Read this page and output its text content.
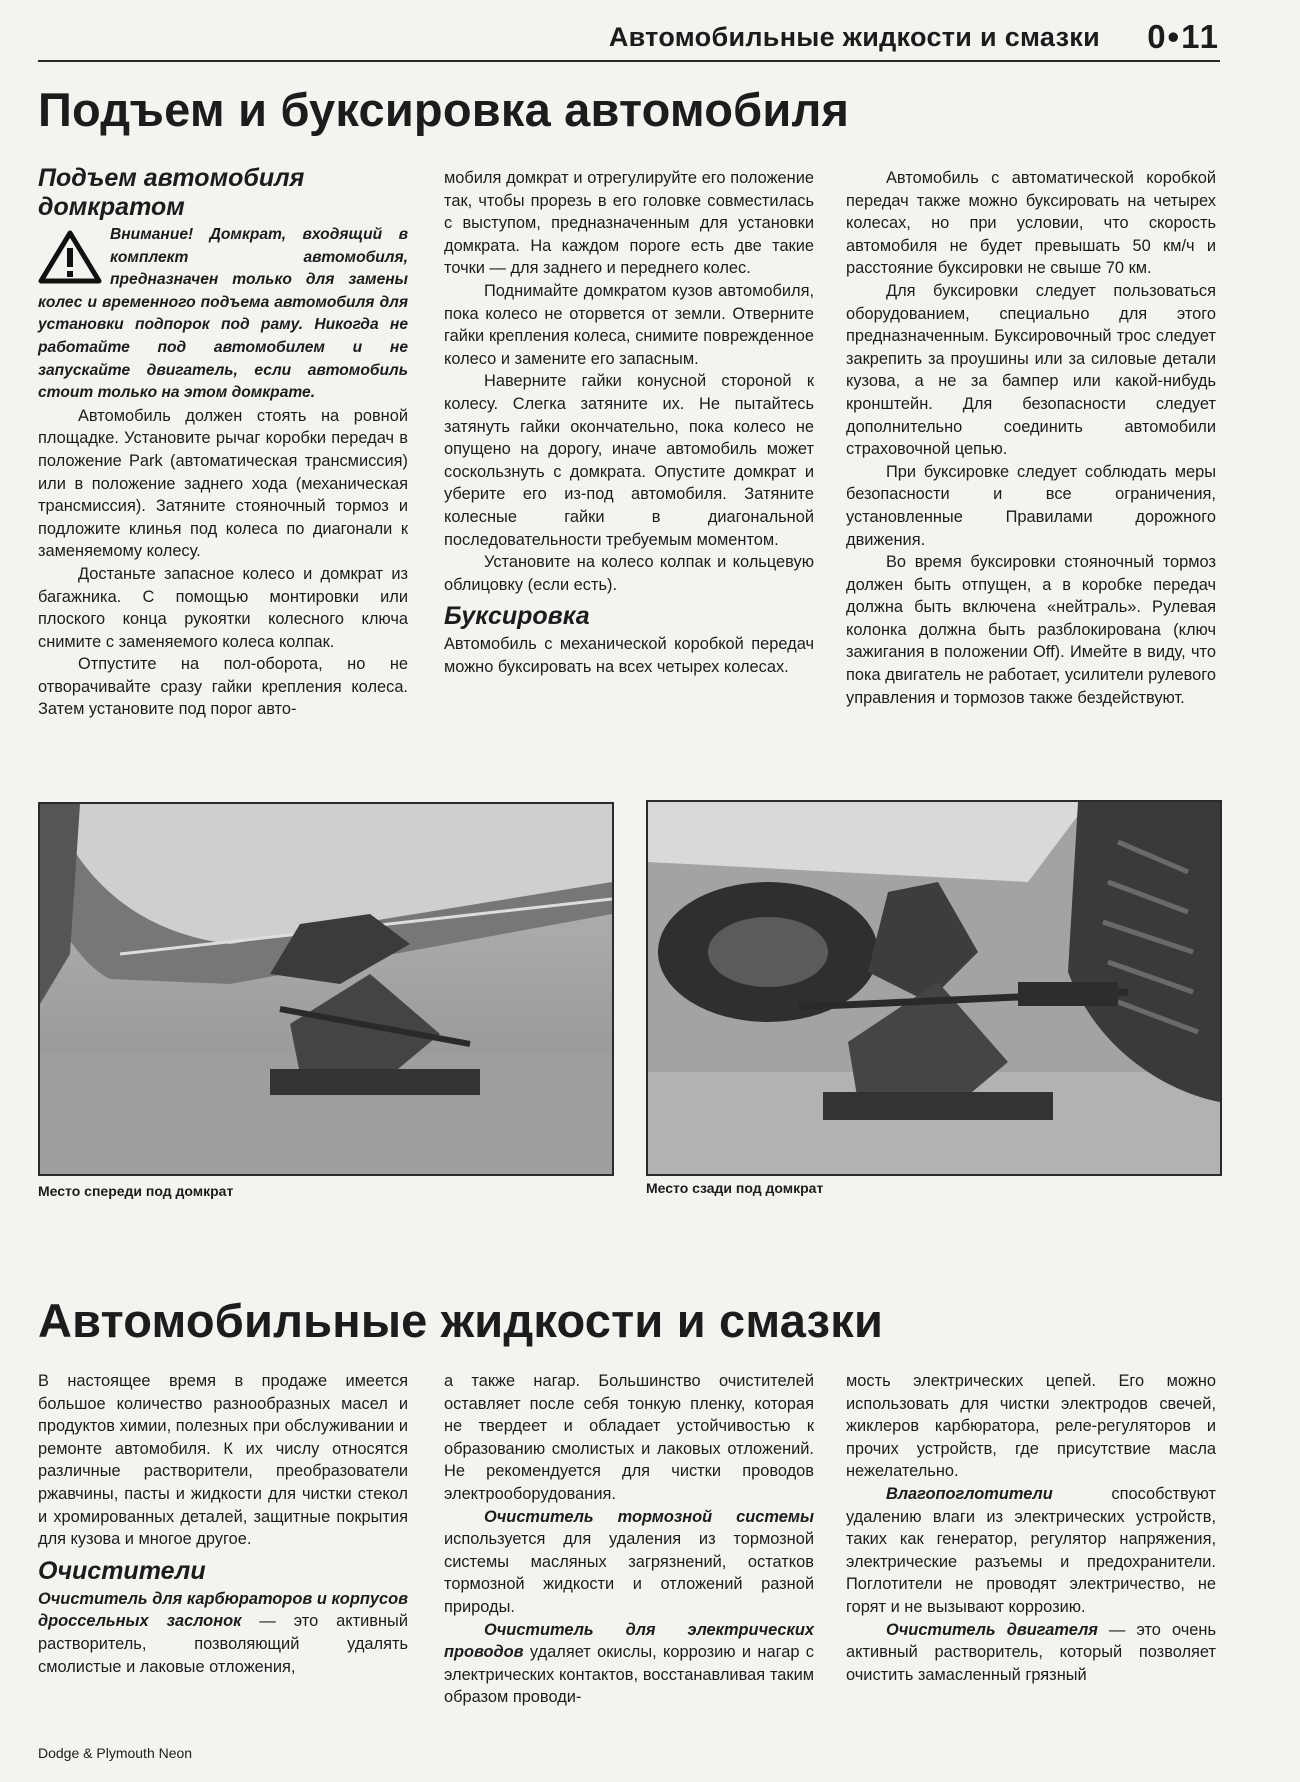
Автомобильные жидкости и смазки 0•11
Подъем и буксировка автомобиля
Подъем автомобиля домкратом
Внимание! Домкрат, входящий в комплект автомобиля, предназначен только для замены колес и временного подъема автомобиля для установки подпорок под раму. Никогда не работайте под автомобилем и не запускайте двигатель, если автомобиль стоит только на этом домкрате.

Автомобиль должен стоять на ровной площадке. Установите рычаг коробки передач в положение Park (автоматическая трансмиссия) или в положение заднего хода (механическая трансмиссия). Затяните стояночный тормоз и подложите клинья под колеса по диагонали к заменяемому колесу.

Достаньте запасное колесо и домкрат из багажника. С помощью монтировки или плоского конца рукоятки колесного ключа снимите с заменяемого колеса колпак.

Отпустите на пол-оборота, но не отворачивайте сразу гайки крепления колеса. Затем установите под порог авто-

мобиля домкрат и отрегулируйте его положение так, чтобы прорезь в его головке совместилась с выступом, предназначенным для установки домкрата. На каждом пороге есть две такие точки — для заднего и переднего колес.

Поднимайте домкратом кузов автомобиля, пока колесо не оторвется от земли. Отверните гайки крепления колеса, снимите поврежденное колесо и замените его запасным.

Наверните гайки конусной стороной к колесу. Слегка затяните их. Не пытайтесь затянуть гайки окончательно, пока колесо не опущено на дорогу, иначе автомобиль может соскользнуть с домкрата. Опустите домкрат и уберите его из-под автомобиля. Затяните колесные гайки в диагональной последовательности требуемым моментом.

Установите на колесо колпак и кольцевую облицовку (если есть).

Буксировка

Автомобиль с механической коробкой передач можно буксировать на всех четырех колесах.

Автомобиль с автоматической коробкой передач также можно буксировать на четырех колесах, но при условии, что скорость автомобиля не будет превышать 50 км/ч и расстояние буксировки не свыше 70 км.

Для буксировки следует пользоваться оборудованием, специально для этого предназначенным. Буксировочный трос следует закрепить за проушины или за силовые детали кузова, а не за бампер или какой-нибудь кронштейн. Для безопасности следует дополнительно соединить автомобили страховочной цепью.

При буксировке следует соблюдать меры безопасности и все ограничения, установленные Правилами дорожного движения.

Во время буксировки стояночный тормоз должен быть отпущен, а в коробке передач должна быть включена «нейтраль». Рулевая колонка должна быть разблокирована (ключ зажигания в положении Off). Имейте в виду, что пока двигатель не работает, усилители рулевого управления и тормозов также бездействуют.

Место спереди под домкрат	Место сзади под домкрат
Автомобильные жидкости и смазки

В настоящее время в продаже имеется большое количество разнообразных масел и продуктов химии, полезных при обслуживании и ремонте автомобиля. К их числу относятся различные растворители, преобразователи ржавчины, пасты и жидкости для чистки стекол и хромированных деталей, защитные покрытия для кузова и многое другое.

Очистители

Очиститель для карбюраторов и корпусов дроссельных заслонок — это активный растворитель, позволяющий удалять смолистые и лаковые отложения,

а также нагар. Большинство очистителей оставляет после себя тонкую пленку, которая не твердеет и обладает устойчивостью к образованию смолистых и лаковых отложений. Не рекомендуется для чистки проводов электрооборудования.

Очиститель тормозной системы используется для удаления из тормозной системы масляных загрязнений, остатков тормозной жидкости и отложений разной природы.

Очиститель для электрических проводов удаляет окислы, коррозию и нагар с электрических контактов, восстанавливая таким образом проводи-

мость электрических цепей. Его можно использовать для чистки электродов свечей, жиклеров карбюратора, реле-регуляторов и прочих устройств, где присутствие масла нежелательно.

Влагопоглотители способствуют удалению влаги из электрических устройств, таких как генератор, регулятор напряжения, электрические разъемы и предохранители. Поглотители не проводят электричество, не горят и не вызывают коррозию.

Очиститель двигателя — это очень активный растворитель, который позволяет очистить замасленный грязный

Dodge & Plymouth Neon
